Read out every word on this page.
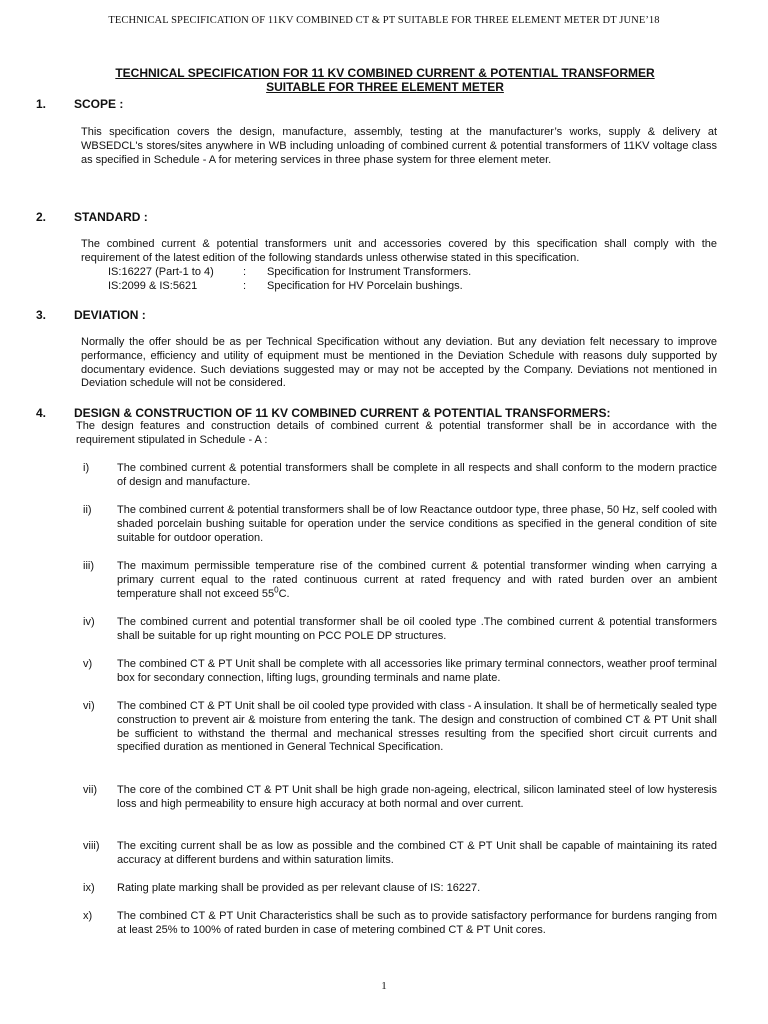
TECHNICAL SPECIFICATION OF 11KV COMBINED CT & PT SUITABLE FOR THREE ELEMENT METER DT JUNE’18
TECHNICAL SPECIFICATION FOR 11 KV COMBINED CURRENT & POTENTIAL TRANSFORMER
SUITABLE FOR THREE ELEMENT METER
1. SCOPE :
This specification covers the design, manufacture, assembly, testing at the manufacturer’s works, supply & delivery at WBSEDCL's stores/sites anywhere in WB including unloading of combined current & potential transformers of 11KV voltage class as specified in Schedule - A for metering services in three phase system for three element meter.
2. STANDARD :
The combined current & potential transformers unit and accessories covered by this specification shall comply with the requirement of the latest edition of the following standards unless otherwise stated in this specification.
IS:16227 (Part-1 to 4)	: Specification for Instrument Transformers.
IS:2099 & IS:5621	: Specification for HV Porcelain bushings.
3. DEVIATION :
Normally the offer should be as per Technical Specification without any deviation. But any deviation felt necessary to improve performance, efficiency and utility of equipment must be mentioned in the Deviation Schedule with reasons duly supported by documentary evidence. Such deviations suggested may or may not be accepted by the Company. Deviations not mentioned in Deviation schedule will not be considered.
4. DESIGN & CONSTRUCTION OF 11 KV COMBINED CURRENT & POTENTIAL TRANSFORMERS:
The design features and construction details of combined current & potential transformer shall be in accordance with the requirement stipulated in Schedule - A :
i)	The combined current & potential transformers shall be complete in all respects and shall conform to the modern practice of design and manufacture.
ii)	The combined current & potential transformers shall be of low Reactance outdoor type, three phase, 50 Hz, self cooled with shaded porcelain bushing suitable for operation under the service conditions as specified in the general condition of site suitable for outdoor operation.
iii)	The maximum permissible temperature rise of the combined current & potential transformer winding when carrying a primary current equal to the rated continuous current at rated frequency and with rated burden over an ambient temperature shall not exceed $55^0C$.
iv)	The combined current and potential transformer shall be oil cooled type .The combined current & potential transformers shall be suitable for up right mounting on PCC POLE DP structures.
v)	The combined CT & PT Unit shall be complete with all accessories like primary terminal connectors, weather proof terminal box for secondary connection, lifting lugs, grounding terminals and name plate.
vi)	The combined CT & PT Unit shall be oil cooled type provided with class - A insulation. It shall be of hermetically sealed type construction to prevent air & moisture from entering the tank. The design and construction of combined CT & PT Unit shall be sufficient to withstand the thermal and mechanical stresses resulting from the specified short circuit currents and specified duration as mentioned in General Technical Specification.
vii)	The core of the combined CT & PT Unit shall be high grade non-ageing, electrical, silicon laminated steel of low hysteresis loss and high permeability to ensure high accuracy at both normal and over current.
viii)	The exciting current shall be as low as possible and the combined CT & PT Unit shall be capable of maintaining its rated accuracy at different burdens and within saturation limits.
ix)	Rating plate marking shall be provided as per relevant clause of IS: 16227.
x)	The combined CT & PT Unit Characteristics shall be such as to provide satisfactory performance for burdens ranging from at least 25% to 100% of rated burden in case of metering combined CT & PT Unit cores.
1
